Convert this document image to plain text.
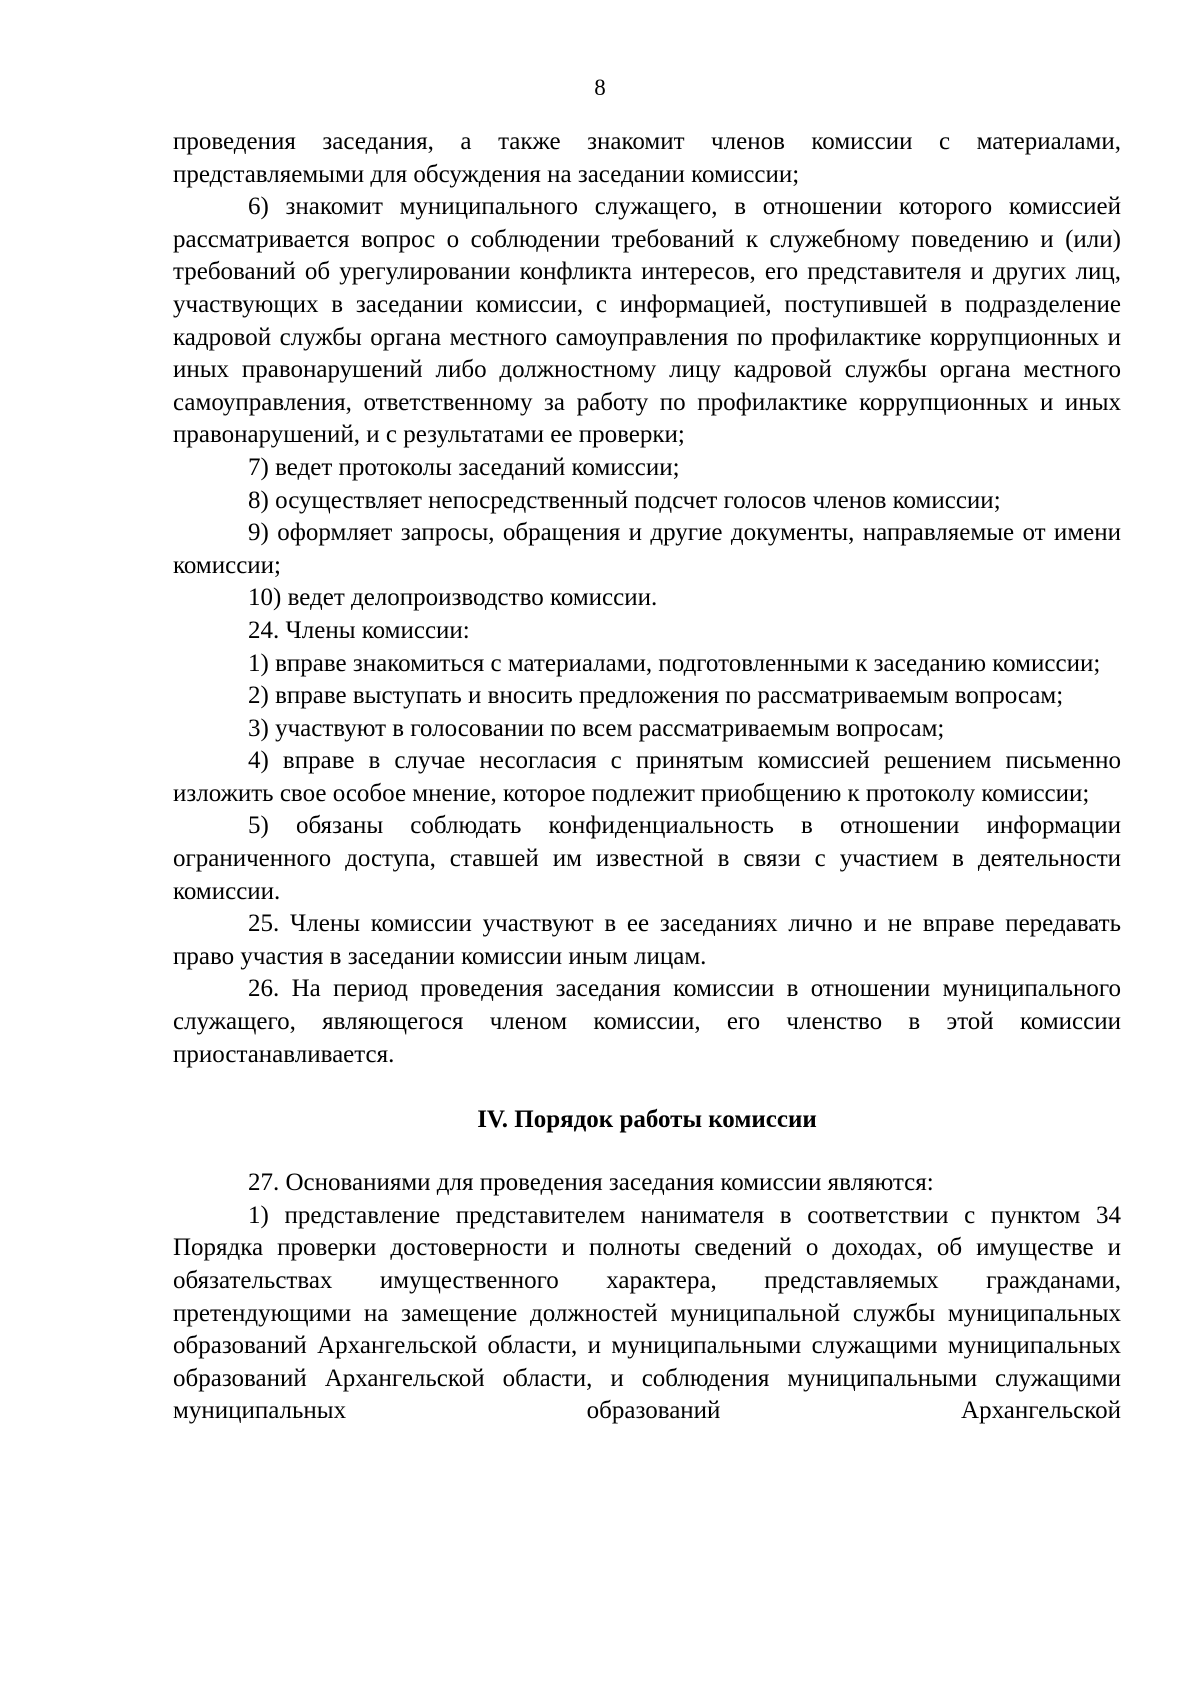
8

проведения заседания, а также знакомит членов комиссии с материалами, представляемыми для обсуждения на заседании комиссии;

6) знакомит муниципального служащего, в отношении которого комиссией рассматривается вопрос о соблюдении требований к служебному поведению и (или) требований об урегулировании конфликта интересов, его представителя и других лиц, участвующих в заседании комиссии, с информацией, поступившей в подразделение кадровой службы органа местного самоуправления по профилактике коррупционных и иных правонарушений либо должностному лицу кадровой службы органа местного самоуправления, ответственному за работу по профилактике коррупционных и иных правонарушений, и с результатами ее проверки;

7) ведет протоколы заседаний комиссии;

8) осуществляет непосредственный подсчет голосов членов комиссии;

9) оформляет запросы, обращения и другие документы, направляемые от имени комиссии;

10) ведет делопроизводство комиссии.

24. Члены комиссии:

1) вправе знакомиться с материалами, подготовленными к заседанию комиссии;

2) вправе выступать и вносить предложения по рассматриваемым вопросам;

3) участвуют в голосовании по всем рассматриваемым вопросам;

4) вправе в случае несогласия с принятым комиссией решением письменно изложить свое особое мнение, которое подлежит приобщению к протоколу комиссии;

5) обязаны соблюдать конфиденциальность в отношении информации ограниченного доступа, ставшей им известной в связи с участием в деятельности комиссии.

25. Члены комиссии участвуют в ее заседаниях лично и не вправе передавать право участия в заседании комиссии иным лицам.

26. На период проведения заседания комиссии в отношении муниципального служащего, являющегося членом комиссии, его членство в этой комиссии приостанавливается.

IV. Порядок работы комиссии

27. Основаниями для проведения заседания комиссии являются:

1) представление представителем нанимателя в соответствии с пунктом 34 Порядка проверки достоверности и полноты сведений о доходах, об имуществе и обязательствах имущественного характера, представляемых гражданами, претендующими на замещение должностей муниципальной службы муниципальных образований Архангельской области, и муниципальными служащими муниципальных образований Архангельской области, и соблюдения муниципальными служащими муниципальных образований Архангельской
